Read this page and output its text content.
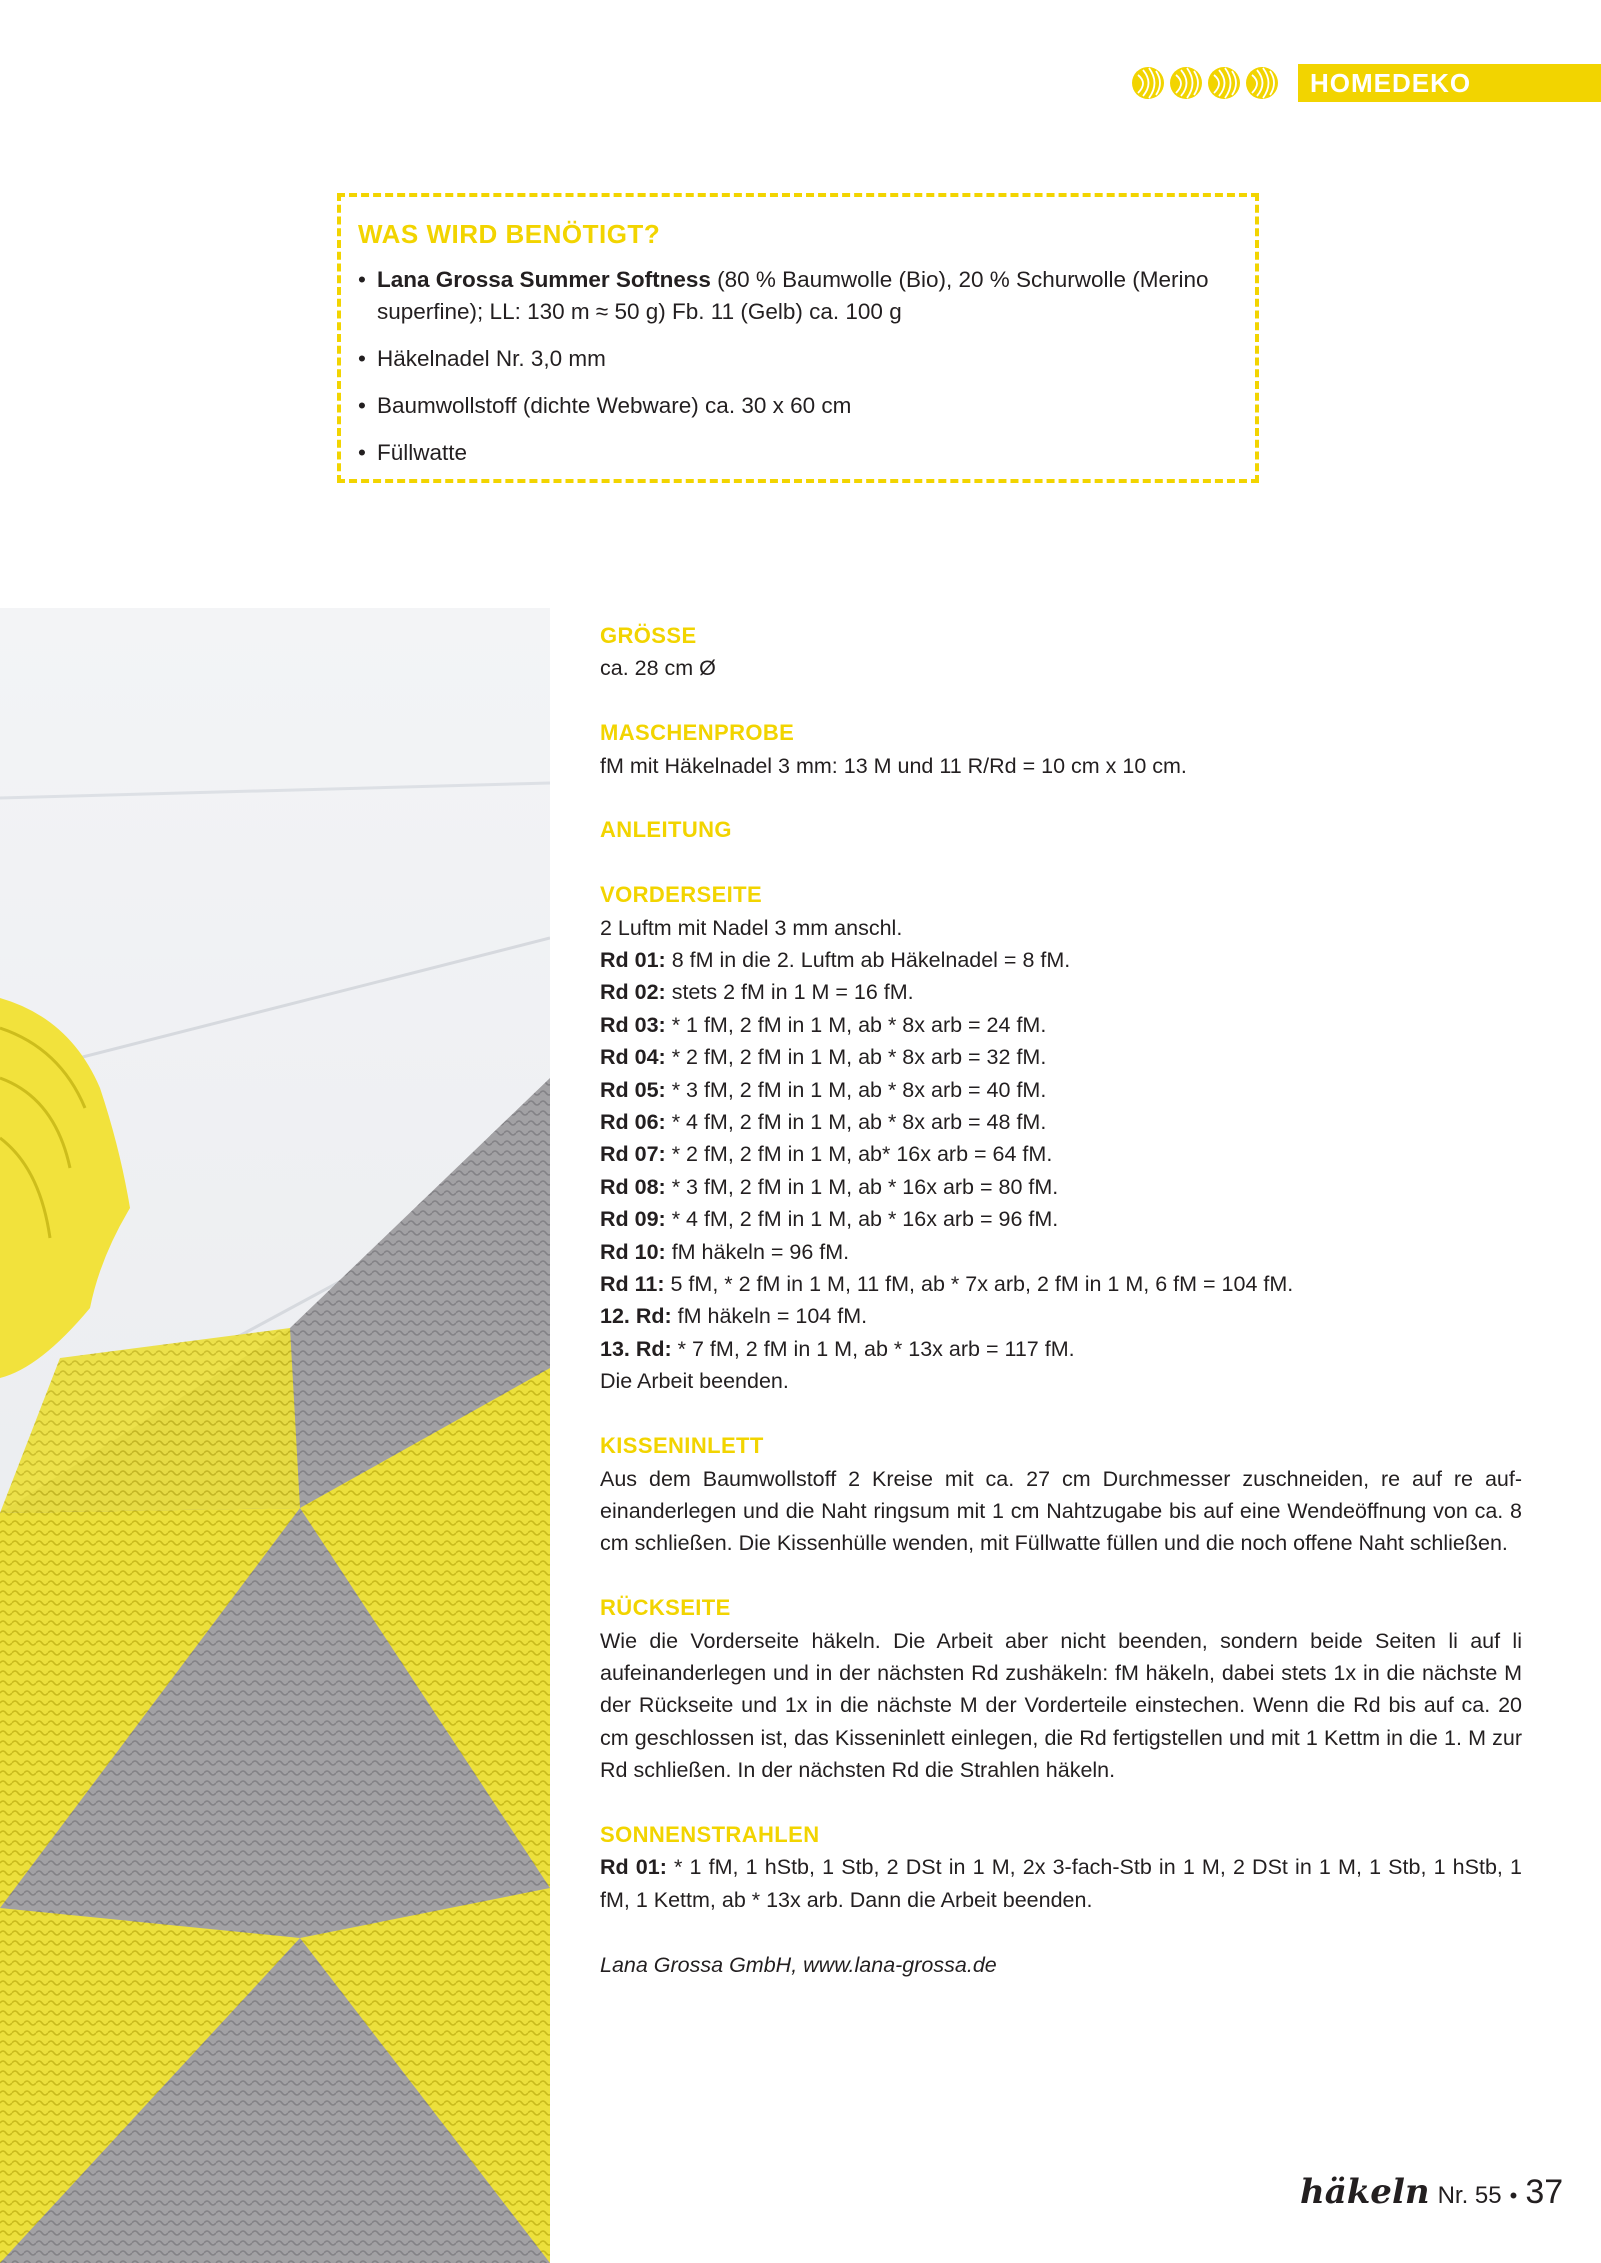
HOMEDEKO
WAS WIRD BENÖTIGT?
• Lana Grossa Summer Softness (80 % Baumwolle (Bio), 20 % Schurwolle (Merino superfine); LL: 130 m ≈ 50 g) Fb. 11 (Gelb) ca. 100 g
• Häkelnadel Nr. 3,0 mm
• Baumwollstoff (dichte Webware) ca. 30 x 60 cm
• Füllwatte
GRÖSSE

ca. 28 cm Ø

MASCHENPROBE

fM mit Häkelnadel 3 mm: 13 M und 11 R/Rd = 10 cm x 10 cm.

ANLEITUNG
VORDERSEITE

2 Luftm mit Nadel 3 mm anschl.

Rd 01: 8 fM in die 2. Luftm ab Häkelnadel = 8 fM.

Rd 02: stets 2 fM in 1 M = 16 fM.

Rd 03: * 1 fM, 2 fM in 1 M, ab * 8x arb = 24 fM.

Rd 04: * 2 fM, 2 fM in 1 M, ab * 8x arb = 32 fM.

Rd 05: * 3 fM, 2 fM in 1 M, ab * 8x arb = 40 fM.

Rd 06: * 4 fM, 2 fM in 1 M, ab * 8x arb = 48 fM.

Rd 07: * 2 fM, 2 fM in 1 M, ab* 16x arb = 64 fM.

Rd 08: * 3 fM, 2 fM in 1 M, ab * 16x arb = 80 fM.

Rd 09: * 4 fM, 2 fM in 1 M, ab * 16x arb = 96 fM.

Rd 10: fM häkeln = 96 fM.

Rd 11: 5 fM, * 2 fM in 1 M, 11 fM, ab * 7x arb, 2 fM in 1 M, 6 fM = 104 fM.

12. Rd: fM häkeln = 104 fM.

13. Rd: * 7 fM, 2 fM in 1 M, ab * 13x arb = 117 fM.

Die Arbeit beenden.

KISSENINLETT

Aus dem Baumwollstoff 2 Kreise mit ca. 27 cm Durchmesser zuschneiden, re auf re auf-einanderlegen und die Naht ringsum mit 1 cm Nahtzugabe bis auf eine Wendeöffnung von ca. 8 cm schließen. Die Kissenhülle wenden, mit Füllwatte füllen und die noch offene Naht schließen.

RÜCKSEITE

Wie die Vorderseite häkeln. Die Arbeit aber nicht beenden, sondern beide Seiten li auf li aufeinanderlegen und in der nächsten Rd zushäkeln: fM häkeln, dabei stets 1x in die nächste M der Rückseite und 1x in die nächste M der Vorderteile einstechen. Wenn die Rd bis auf ca. 20 cm geschlossen ist, das Kisseninlett einlegen, die Rd fertigstellen und mit 1 Kettm in die 1. M zur Rd schließen. In der nächsten Rd die Strahlen häkeln.

SONNENSTRAHLEN

Rd 01: * 1 fM, 1 hStb, 1 Stb, 2 DSt in 1 M, 2x 3-fach-Stb in 1 M, 2 DSt in 1 M, 1 Stb, 1 hStb, 1 fM, 1 Kettm, ab * 13x arb. Dann die Arbeit beenden.

Lana Grossa GmbH, www.lana-grossa.de

häkeln Nr. 55 • 37
